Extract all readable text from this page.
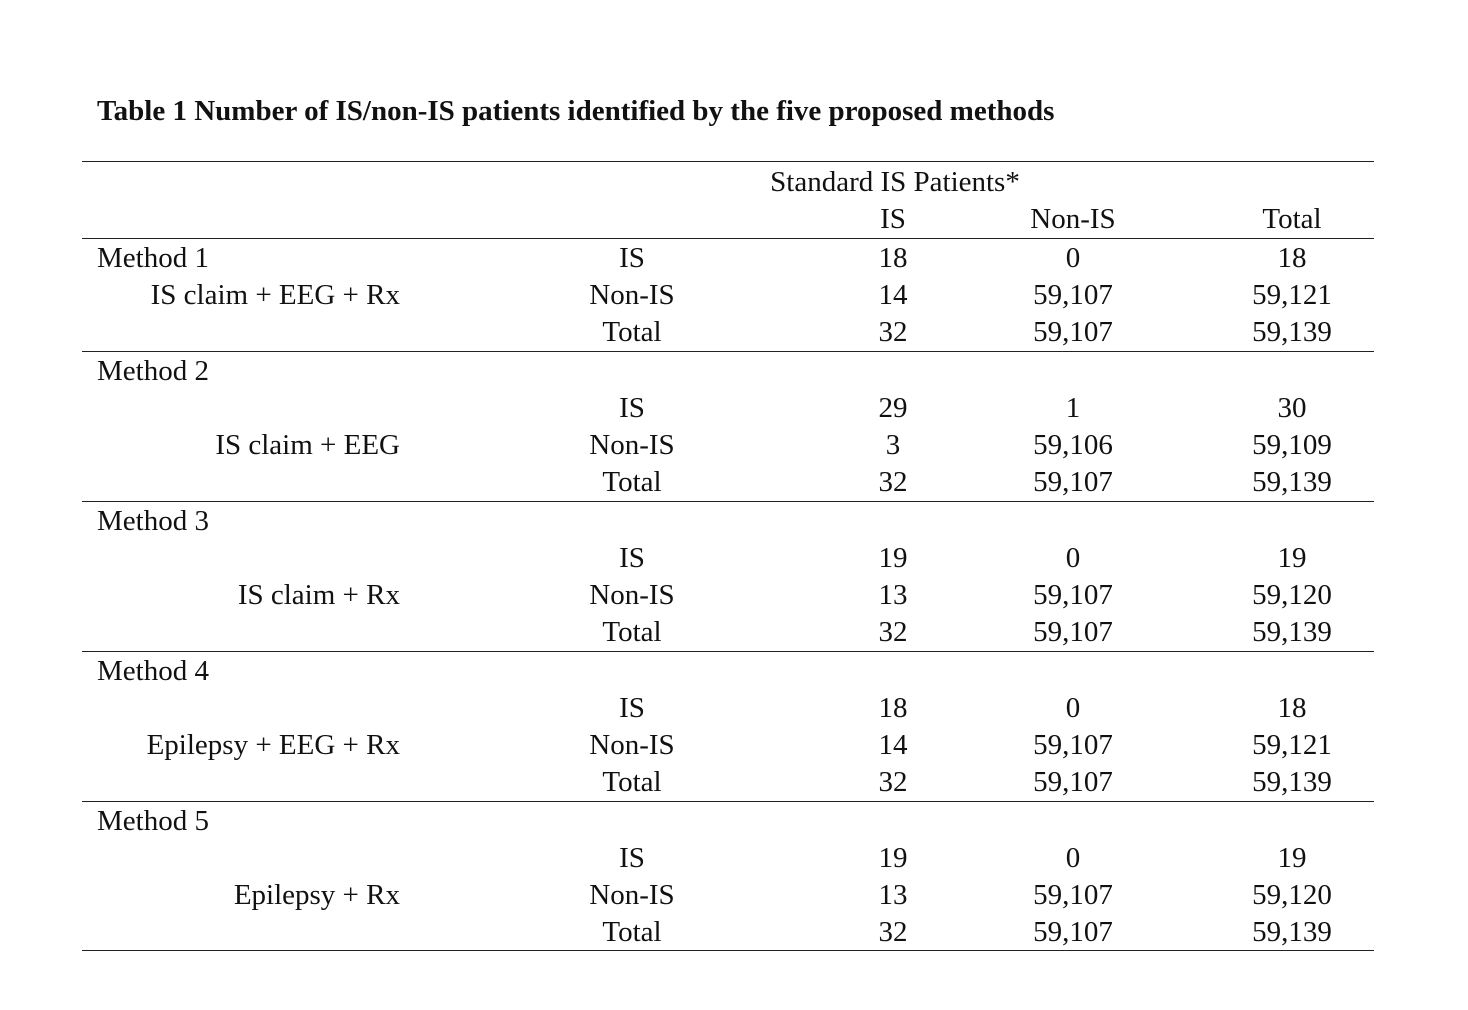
Table 1 Number of IS/non-IS patients identified by the five proposed methods
Standard IS Patients*
IS	Non-IS	Total
Method 1
IS claim + EEG + Rx
IS	18	0	18
Non-IS	14	59,107	59,121
Total	32	59,107	59,139
Method 2
IS claim + EEG
IS	29	1	30
Non-IS	3	59,106	59,109
Total	32	59,107	59,139
Method 3
IS claim + Rx
IS	19	0	19
Non-IS	13	59,107	59,120
Total	32	59,107	59,139
Method 4
Epilepsy + EEG + Rx
IS	18	0	18
Non-IS	14	59,107	59,121
Total	32	59,107	59,139
Method 5
Epilepsy + Rx
IS	19	0	19
Non-IS	13	59,107	59,120
Total	32	59,107	59,139
